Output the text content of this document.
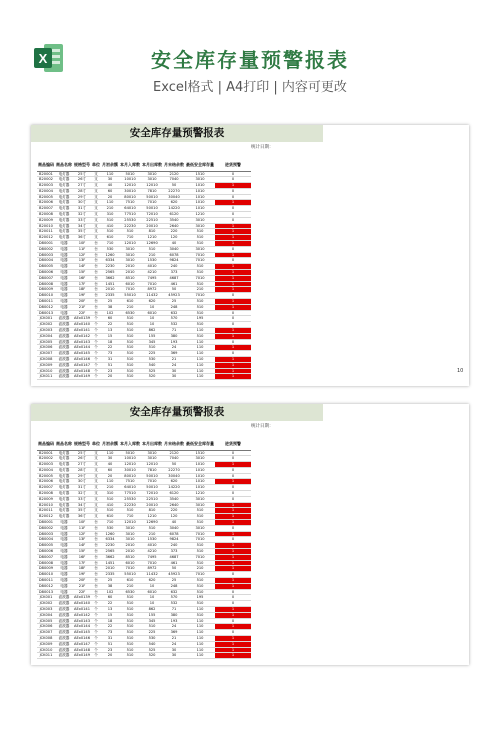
X	安全库存量预警报表
Excel格式 | A4打印 | 内容可更改
安全库存量预警报表
统计日期：
商品编码	商品名称	规格型号	单位	月初余额	本月入库数	本月出库数	月末结余数	最低安全库存量	进货预警
B20001	电灯器	25寸	支	110	5010	3010	2120	1510	0
B20002	电灯器	26寸	支	30	10010	3010	7040	3010	0
B20003	电灯器	27寸	支	40	12010	12010	50	1010	1
B20004	电灯器	28寸	支	60	30010	7810	22270	1010	0
B20005	电灯器	29寸	支	20	80010	50010	30040	1010	0
B20006	电灯器	30寸	支	110	7510	7010	620	1010	1
B20007	电灯器	31寸	支	210	64010	50010	14220	1010	0
B20008	电灯器	32寸	支	310	77510	72010	6120	1210	0
B20009	电灯器	33寸	支	510	25530	22510	3540	3010	0
B20010	电灯器	34寸	支	410	22230	20010	2640	3010	1
B20011	电灯器	35寸	支	510	510	810	220	510	1
B20012	电灯器	36寸	支	610	710	1210	120	510	1
D80001	电器	10F	台	710	12010	12690	40	510	1
D80002	电器	11F	台	530	3010	510	3040	3010	0
D80003	电器	12F	台	1260	3010	210	6078	7010	1
D80004	电器	13F	台	6334	3010	1530	9824	7010	0
D80005	电器	14F	台	2230	2010	4010	240	510	1
D80006	电器	15F	台	2565	2010	4210	373	510	1
D80007	电器	16F	台	3662	8510	7495	4687	7010	1
D80008	电器	17F	台	1451	6010	7010	461	510	1
D80009	电器	18F	台	2010	7010	8972	50	210	1
D80010	电器	19F	台	2335	55010	11432	45923	7010	0
D80011	电器	20F	台	25	610	620	25	510	1
D80012	电器	21F	台	38	210	10	248	510	1
D80013	电器	22F	台	102	6530	6010	632	510	0
JCK001	滤波器	AEx0139	个	60	510	10	570	195	0
JCK002	滤波器	AEx0140	个	22	510	10	532	510	0
JCK003	滤波器	AEx0141	个	13	510	862	71	110	1
JCK004	滤波器	AEx0142	个	15	510	155	380	510	1
JCK005	滤波器	AEx0143	个	18	510	345	193	110	0
JCK006	滤波器	AEx0144	个	22	510	510	24	110	1
JCK007	滤波器	AEx0145	个	73	510	225	369	110	0
JCK008	滤波器	AEx0146	个	31	510	530	21	110	1
JCK009	滤波器	AEx0147	个	51	510	540	24	110	1
JCK010	滤波器	AEx0148	个	23	510	525	30	110	1
JCK011	滤波器	AEx0149	个	20	510	520	30	110	1
10
安全库存量预警报表
统计日期：
商品编码	商品名称	规格型号	单位	月初余额	本月入库数	本月出库数	月末结余数	最低安全库存量	进货预警
B20001	电灯器	25寸	支	110	5010	3010	2120	1510	0
B20002	电灯器	26寸	支	30	10010	3010	7040	3010	0
B20003	电灯器	27寸	支	40	12010	12010	50	1010	1
B20004	电灯器	28寸	支	60	30010	7810	22270	1010	0
B20005	电灯器	29寸	支	20	80010	50010	30040	1010	0
B20006	电灯器	30寸	支	110	7510	7010	620	1010	1
B20007	电灯器	31寸	支	210	64010	50010	14220	1010	0
B20008	电灯器	32寸	支	310	77510	72010	6120	1210	0
B20009	电灯器	33寸	支	510	25530	22510	3540	3010	0
B20010	电灯器	34寸	支	410	22230	20010	2640	3010	1
B20011	电灯器	35寸	支	510	510	810	220	510	1
B20012	电灯器	36寸	支	610	710	1210	120	510	1
D80001	电器	10F	台	710	12010	12690	40	510	1
D80002	电器	11F	台	530	3010	510	3040	3010	0
D80003	电器	12F	台	1260	3010	210	6078	7010	1
D80004	电器	13F	台	6334	3010	1530	9824	7010	0
D80005	电器	14F	台	2230	2010	4010	240	510	1
D80006	电器	15F	台	2565	2010	4210	373	510	1
D80007	电器	16F	台	3662	8510	7495	4687	7010	1
D80008	电器	17F	台	1451	6010	7010	461	510	1
D80009	电器	18F	台	2010	7010	8972	50	210	1
D80010	电器	19F	台	2335	55010	11432	45923	7010	0
D80011	电器	20F	台	25	610	620	25	510	1
D80012	电器	21F	台	38	210	10	248	510	1
D80013	电器	22F	台	102	6530	6010	632	510	0
JCK001	滤波器	AEx0139	个	60	510	10	570	195	0
JCK002	滤波器	AEx0140	个	22	510	10	532	510	0
JCK003	滤波器	AEx0141	个	13	510	862	71	110	1
JCK004	滤波器	AEx0142	个	15	510	155	380	510	1
JCK005	滤波器	AEx0143	个	18	510	345	193	110	0
JCK006	滤波器	AEx0144	个	22	510	510	24	110	1
JCK007	滤波器	AEx0145	个	73	510	225	369	110	0
JCK008	滤波器	AEx0146	个	31	510	530	21	110	1
JCK009	滤波器	AEx0147	个	51	510	540	24	110	1
JCK010	滤波器	AEx0148	个	23	510	525	30	110	1
JCK011	滤波器	AEx0149	个	20	510	520	30	110	1
